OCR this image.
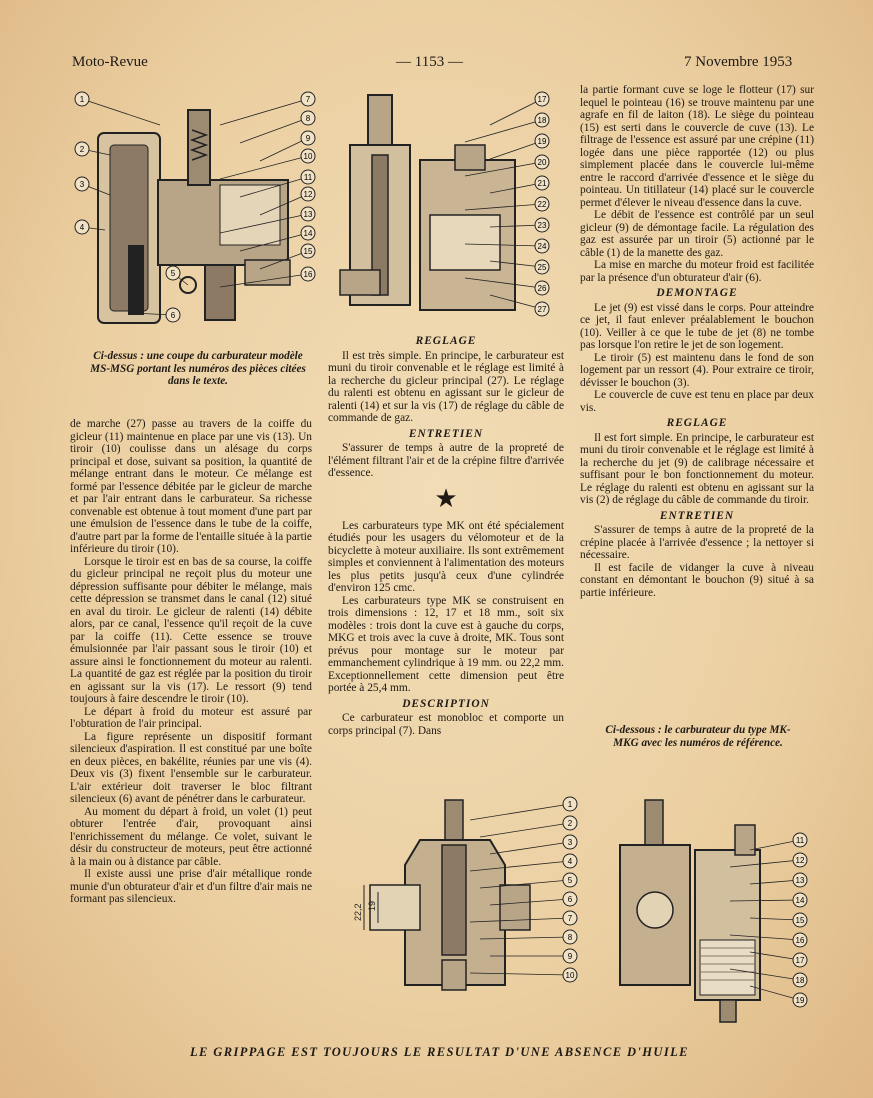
Moto-Revue	— 1153 —	7 Novembre 1953
1
2
3
4
5
6
7
8
9
10
11
12
13
14
15
16
17
18
19
20
21
22
23
24
25
26
27
Ci-dessus : une coupe du carburateur modèle MS-MSG portant les numéros des pièces citées dans le texte.

de marche (27) passe au travers de la coiffe du gicleur (11) maintenue en place par une vis (13). Un tiroir (10) coulisse dans un alésage du corps principal et dose, suivant sa position, la quantité de mélange entrant dans le moteur. Ce mélange est formé par l'essence débitée par le gicleur de marche et par l'air entrant dans le carburateur. Sa richesse convenable est obtenue à tout moment d'une part par une émulsion de l'essence dans le tube de la coiffe, d'autre part par la forme de l'entaille située à la partie inférieure du tiroir (10).

Lorsque le tiroir est en bas de sa course, la coiffe du gicleur principal ne reçoit plus du moteur une dépression suffisante pour débiter le mélange, mais cette dépression se transmet dans le canal (12) situé en aval du tiroir. Le gicleur de ralenti (14) débite alors, par ce canal, l'essence qu'il reçoit de la cuve par la coiffe (11). Cette essence se trouve émulsionnée par l'air passant sous le tiroir (10) et assure ainsi le fonctionnement du moteur au ralenti. La quantité de gaz est réglée par la position du tiroir en agissant sur la vis (17). Le ressort (9) tend toujours à faire descendre le tiroir (10).

Le départ à froid du moteur est assuré par l'obturation de l'air principal.

La figure représente un dispositif formant silencieux d'aspiration. Il est constitué par une boîte en deux pièces, en bakélite, réunies par une vis (4). Deux vis (3) fixent l'ensemble sur le carburateur. L'air extérieur doit traverser le bloc filtrant silencieux (6) avant de pénétrer dans le carburateur.

Au moment du départ à froid, un volet (1) peut obturer l'entrée d'air, provoquant ainsi l'enrichissement du mélange. Ce volet, suivant le désir du constructeur de moteurs, peut être actionné à la main ou à distance par câble.

Il existe aussi une prise d'air métallique ronde munie d'un obturateur d'air et d'un filtre d'air mais ne formant pas silencieux.

REGLAGE

Il est très simple. En principe, le carburateur est muni du tiroir convenable et le réglage est limité à la recherche du gicleur principal (27). Le réglage du ralenti est obtenu en agissant sur le gicleur de ralenti (14) et sur la vis (17) de réglage du câble de commande de gaz.

ENTRETIEN

S'assurer de temps à autre de la propreté de l'élément filtrant l'air et de la crépine filtre d'arrivée d'essence.

★

Les carburateurs type MK ont été spécialement étudiés pour les usagers du vélomoteur et de la bicyclette à moteur auxiliaire. Ils sont extrêmement simples et conviennent à l'alimentation des moteurs les plus petits jusqu'à ceux d'une cylindrée d'environ 125 cmc.

Les carburateurs type MK se construisent en trois dimensions : 12, 17 et 18 mm., soit six modèles : trois dont la cuve est à gauche du corps, MKG et trois avec la cuve à droite, MK. Tous sont prévus pour montage sur le moteur par emmanchement cylindrique à 19 mm. ou 22,2 mm. Exceptionnellement cette dimension peut être portée à 25,4 mm.

DESCRIPTION

Ce carburateur est monobloc et comporte un corps principal (7). Dans

la partie formant cuve se loge le flotteur (17) sur lequel le pointeau (16) se trouve maintenu par une agrafe en fil de laiton (18). Le siège du pointeau (15) est serti dans le couvercle de cuve (13). Le filtrage de l'essence est assuré par une crépine (11) logée dans une pièce rapportée (12) ou plus simplement placée dans le couvercle lui-même entre le raccord d'arrivée d'essence et le siège du pointeau. Un titillateur (14) placé sur le couvercle permet d'élever le niveau d'essence dans la cuve.

Le débit de l'essence est contrôlé par un seul gicleur (9) de démontage facile. La régulation des gaz est assurée par un tiroir (5) actionné par le câble (1) de la manette des gaz.

La mise en marche du moteur froid est facilitée par la présence d'un obturateur d'air (6).

DEMONTAGE

Le jet (9) est vissé dans le corps. Pour atteindre ce jet, il faut enlever préalablement le bouchon (10). Veiller à ce que le tube de jet (8) ne tombe pas lorsque l'on retire le jet de son logement.

Le tiroir (5) est maintenu dans le fond de son logement par un ressort (4). Pour extraire ce tiroir, dévisser le bouchon (3).

Le couvercle de cuve est tenu en place par deux vis.

REGLAGE

Il est fort simple. En principe, le carburateur est muni du tiroir convenable et le réglage est limité à la recherche du jet (9) de calibrage nécessaire et suffisant pour le bon fonctionnement du moteur. Le réglage du ralenti est obtenu en agissant sur la vis (2) de réglage du câble de commande du tiroir.

ENTRETIEN

S'assurer de temps à autre de la propreté de la crépine placée à l'arrivée d'essence ; la nettoyer si nécessaire.

Il est facile de vidanger la cuve à niveau constant en démontant le bouchon (9) situé à sa partie inférieure.

Ci-dessous : le carburateur du type MK-MKG avec les numéros de référence.
22,2 19
1
2
3
4
5
6
7
8
9
10
11
12
13
14
15
16
17
18
19
LE GRIPPAGE EST TOUJOURS LE RESULTAT D'UNE ABSENCE D'HUILE
